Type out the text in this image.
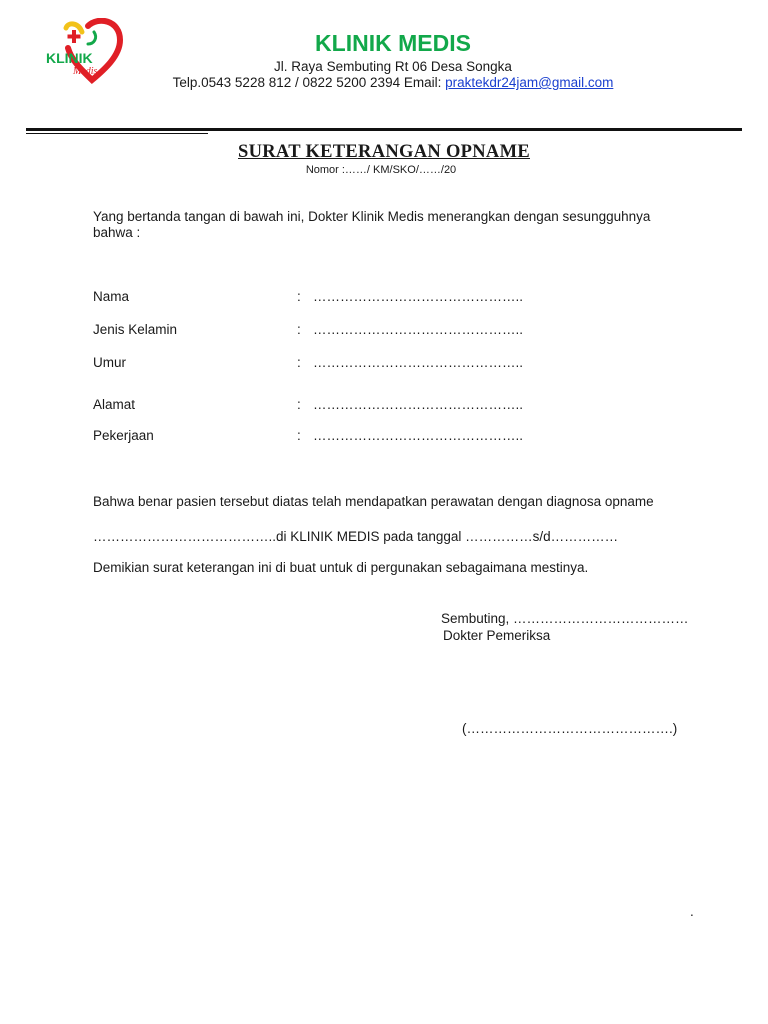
KLINIK
Medis
KLINIK MEDIS
Jl. Raya Sembuting Rt 06 Desa Songka
Telp.0543 5228 812 / 0822 5200 2394 Email: praktekdr24jam@gmail.com
SURAT KETERANGAN OPNAME
Nomor :……/ KM/SKO/……/20
Yang bertanda tangan di bawah ini, Dokter Klinik Medis menerangkan dengan sesungguhnya
bahwa :
Nama	: ………………………………………..
Jenis Kelamin	: ………………………………………..
Umur	: ………………………………………..
Alamat	: ………………………………………..
Pekerjaan	: ………………………………………..
Bahwa benar pasien tersebut diatas telah mendapatkan perawatan dengan diagnosa opname
…………………………………..di KLINIK MEDIS pada tanggal ……………s/d……………
Demikian surat keterangan ini di buat untuk di pergunakan sebagaimana mestinya.
Sembuting, …………………………………
Dokter Pemeriksa
(……………………………………….)
.
